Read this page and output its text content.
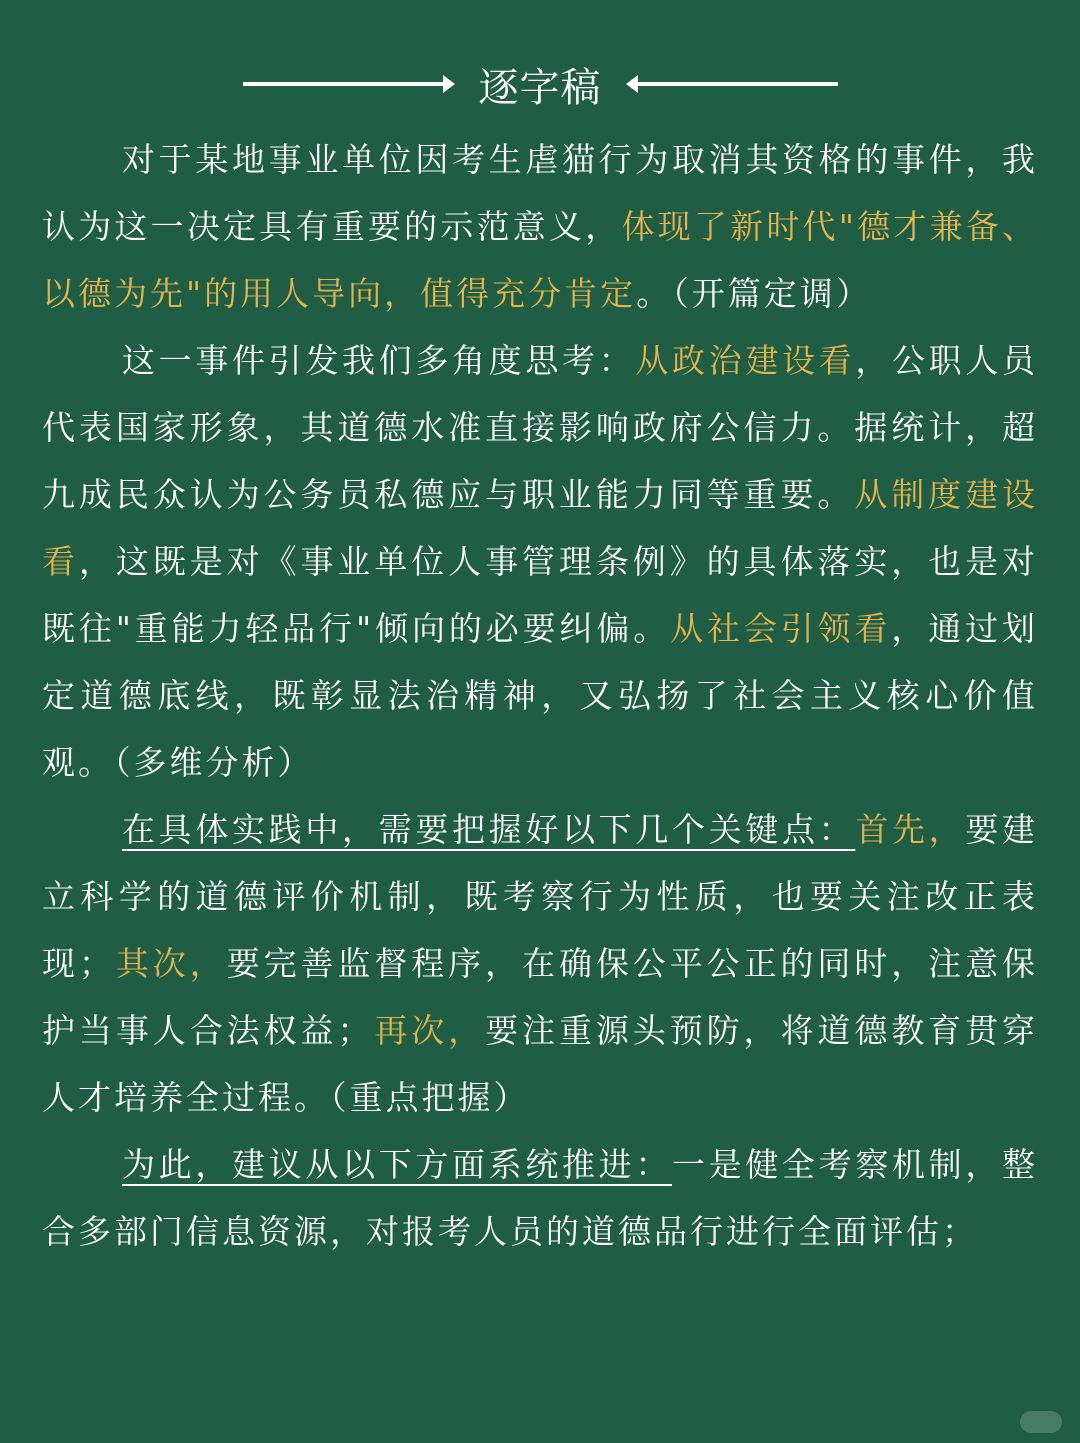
逐字稿

对于某地事业单位因考生虐猫行为取消其资格的事件，我认为这一决定具有重要的示范意义，体现了新时代"德才兼备、以德为先"的用人导向，值得充分肯定。（开篇定调）

这一事件引发我们多角度思考：从政治建设看，公职人员代表国家形象，其道德水准直接影响政府公信力。据统计，超九成民众认为公务员私德应与职业能力同等重要。从制度建设看，这既是对《事业单位人事管理条例》的具体落实，也是对既往"重能力轻品行"倾向的必要纠偏。从社会引领看，通过划定道德底线，既彰显法治精神，又弘扬了社会主义核心价值观。（多维分析）

在具体实践中，需要把握好以下几个关键点：首先，要建立科学的道德评价机制，既考察行为性质，也要关注改正表现；其次，要完善监督程序，在确保公平公正的同时，注意保护当事人合法权益；再次，要注重源头预防，将道德教育贯穿人才培养全过程。（重点把握）

为此，建议从以下方面系统推进：一是健全考察机制，整合多部门信息资源，对报考人员的道德品行进行全面评估；
